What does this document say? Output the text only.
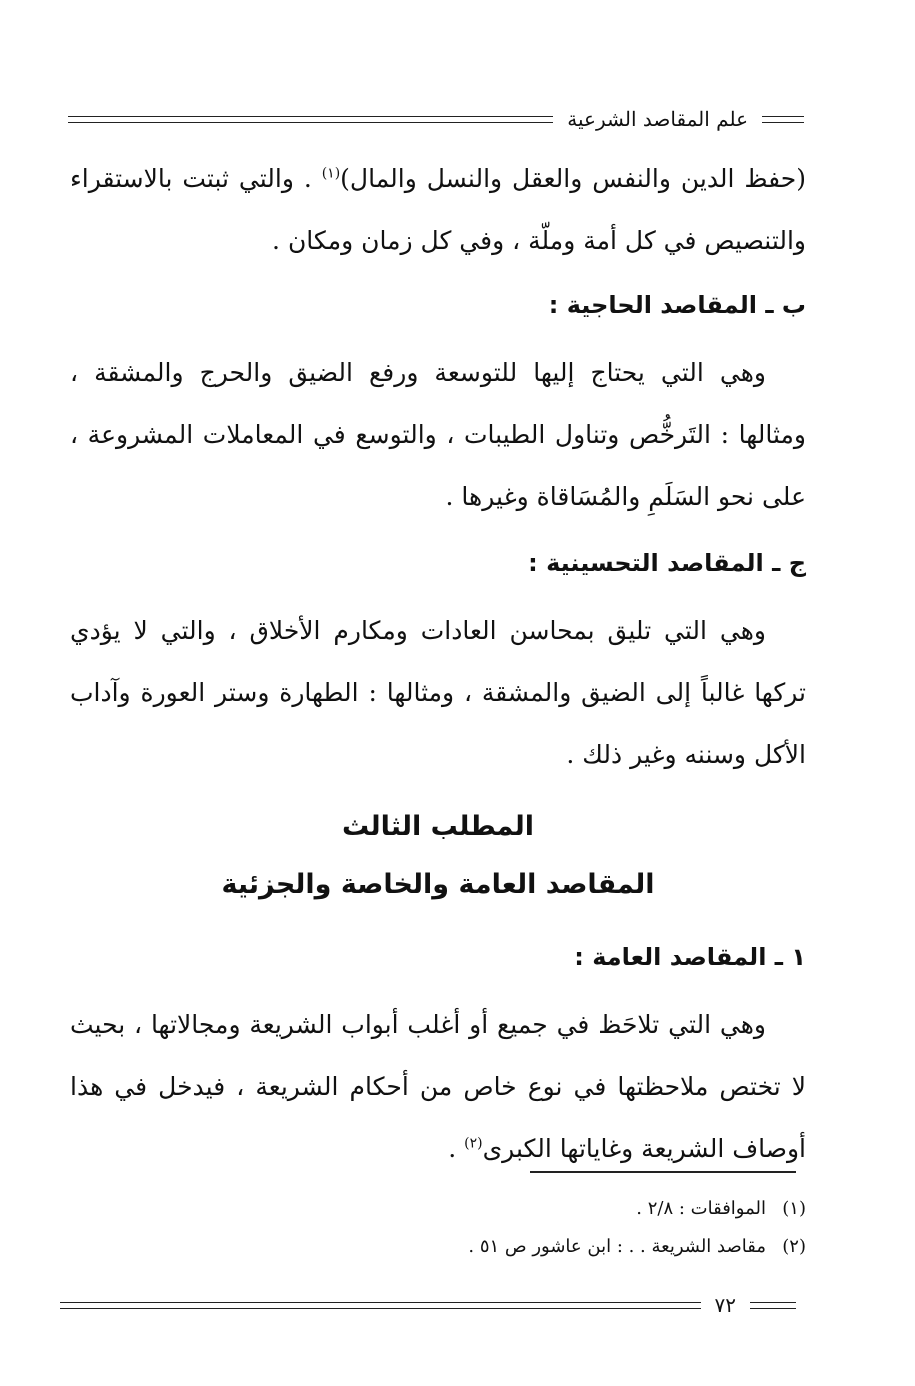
علم المقاصد الشرعية

(حفظ الدين والنفس والعقل والنسل والمال)$^{(١)}$ . والتي ثبتت بالاستقراء والتنصيص في كل أمة وملّة ، وفي كل زمان ومكان .

ب ـ المقاصد الحاجية :

وهي التي يحتاج إليها للتوسعة ورفع الضيق والحرج والمشقة ، ومثالها : التَرخُّص وتناول الطيبات ، والتوسع في المعاملات المشروعة ، على نحو السَلَمِ والمُسَاقاة وغيرها .

ج ـ المقاصد التحسينية :

وهي التي تليق بمحاسن العادات ومكارم الأخلاق ، والتي لا يؤدي تركها غالباً إلى الضيق والمشقة ، ومثالها : الطهارة وستر العورة وآداب الأكل وسننه وغير ذلك .

المطلب الثالث
المقاصد العامة والخاصة والجزئية
١ ـ المقاصد العامة :

وهي التي تلاحَظ في جميع أو أغلب أبواب الشريعة ومجالاتها ، بحيث لا تختص ملاحظتها في نوع خاص من أحكام الشريعة ، فيدخل في هذا أوصاف الشريعة وغاياتها الكبرى$^{(٢)}$ .

(١)الموافقات : ٢/٨ .
(٢)مقاصد الشريعة . . : ابن عاشور ص ٥١ .
٧٢
